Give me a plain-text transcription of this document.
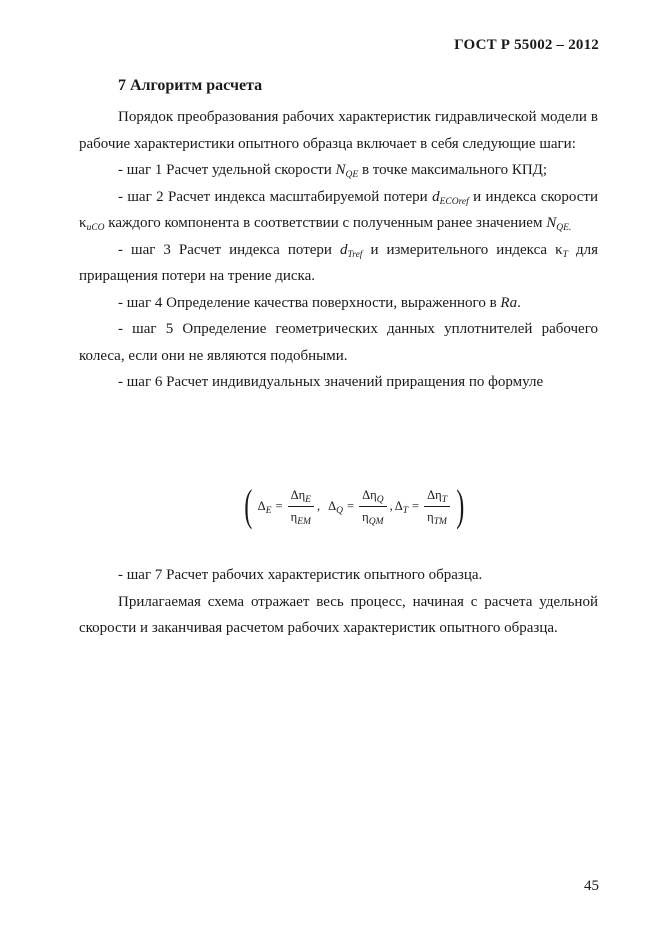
ГОСТ Р 55002 – 2012
7 Алгоритм расчета

Порядок преобразования рабочих характеристик гидравлической модели в рабочие характеристики опытного образца включает в себя следующие шаги:

- шаг 1 Расчет удельной скорости $N_{QE}$ в точке максимального КПД;

- шаг 2 Расчет индекса масштабируемой потери $d_{ECOref}$ и индекса скорости $\kappa_{uCO}$ каждого компонента в соответствии с полученным ранее значением $N_{QE.}$

- шаг 3 Расчет индекса потери $d_{Tref}$ и измерительного индекса $\kappa_T$ для приращения потери на трение диска.

- шаг 4 Определение качества поверхности, выраженного в Ra.

- шаг 5 Определение геометрических данных уплотнителей рабочего колеса, если они не являются подобными.

- шаг 6 Расчет индивидуальных значений приращения по формуле

( $\Delta_E = \frac{\Delta\eta_E}{\eta_{EM}}$ , $\Delta_Q = \frac{\Delta\eta_Q}{\eta_{QM}}$ , $\Delta_T = \frac{\Delta\eta_T}{\eta_{TM}}$ )

- шаг 7 Расчет рабочих характеристик опытного образца.

Прилагаемая схема отражает весь процесс, начиная с расчета удельной скорости и заканчивая расчетом рабочих характеристик опытного образца.

45
